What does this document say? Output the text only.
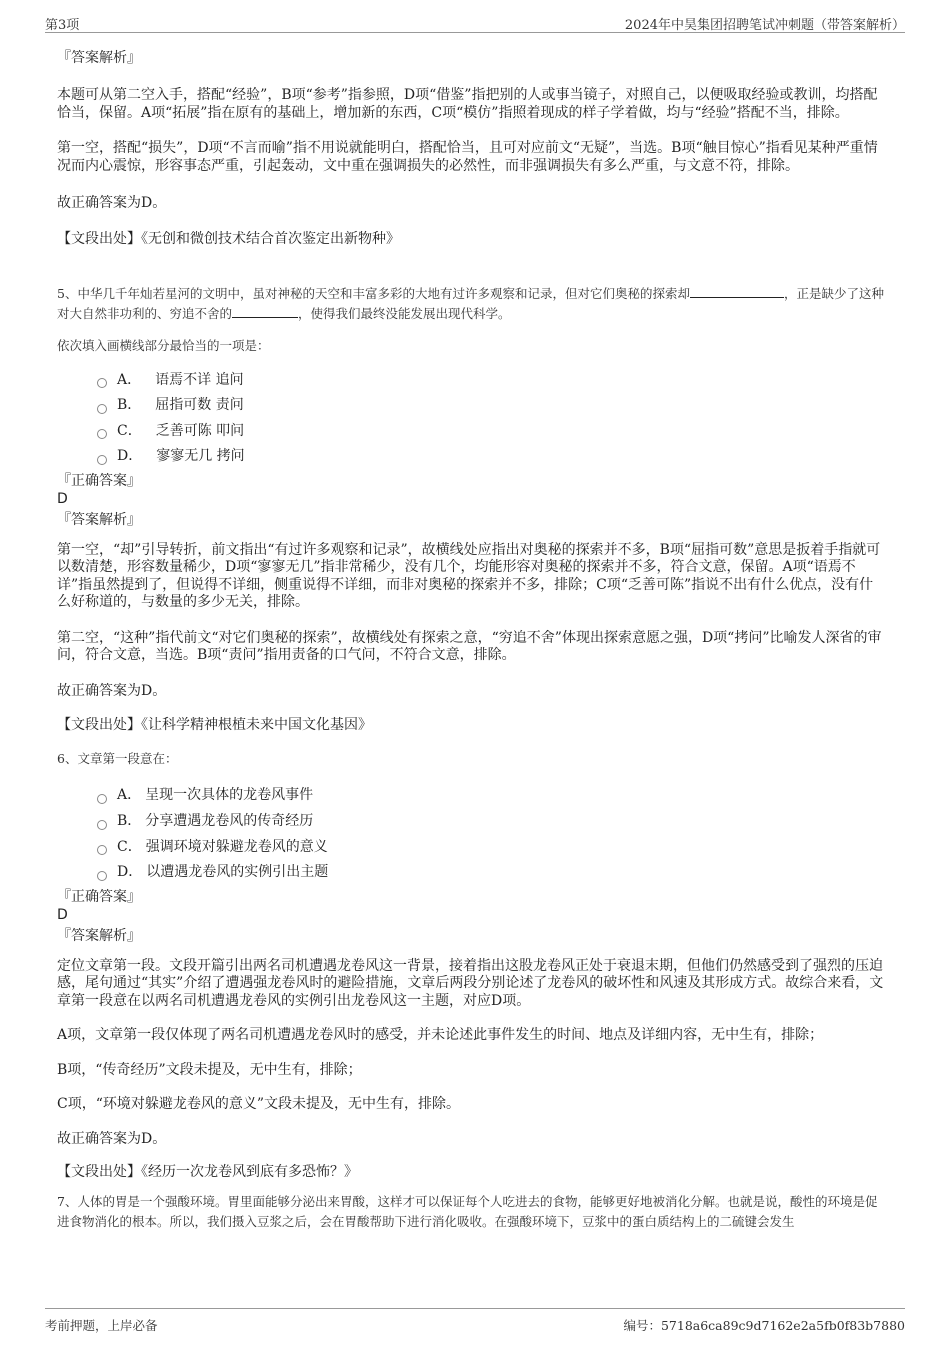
第3项	2024年中昊集团招聘笔试冲刺题（带答案解析）
『答案解析』

本题可从第二空入手，搭配“经验”，B项“参考”指参照，D项“借鉴”指把别的人或事当镜子，对照自己，以便吸取经验或教训，均搭配恰当，保留。A项“拓展”指在原有的基础上，增加新的东西，C项“模仿”指照着现成的样子学着做，均与“经验”搭配不当，排除。

第一空，搭配“损失”，D项“不言而喻”指不用说就能明白，搭配恰当，且可对应前文“无疑”，当选。B项“触目惊心”指看见某种严重情况而内心震惊，形容事态严重，引起轰动，文中重在强调损失的必然性，而非强调损失有多么严重，与文意不符，排除。

故正确答案为D。

【文段出处】《无创和微创技术结合首次鉴定出新物种》

5、中华几千年灿若星河的文明中，虽对神秘的天空和丰富多彩的大地有过许多观察和记录，但对它们奥秘的探索却	，正是缺少了这种对大自然非功利的、穷追不舍的	，使得我们最终没能发展出现代科学。

依次填入画横线部分最恰当的一项是：

A． 语焉不详 追问
B． 屈指可数 责问
C． 乏善可陈 叩问
D． 寥寥无几 拷问
『正确答案』
D
『答案解析』

第一空，“却”引导转折，前文指出“有过许多观察和记录”，故横线处应指出对奥秘的探索并不多，B项“屈指可数”意思是扳着手指就可以数清楚，形容数量稀少，D项“寥寥无几”指非常稀少，没有几个，均能形容对奥秘的探索并不多，符合文意，保留。A项“语焉不详”指虽然提到了，但说得不详细，侧重说得不详细，而非对奥秘的探索并不多，排除；C项“乏善可陈”指说不出有什么优点，没有什么好称道的，与数量的多少无关，排除。

第二空，“这种”指代前文“对它们奥秘的探索”，故横线处有探索之意，“穷追不舍”体现出探索意愿之强，D项“拷问”比喻发人深省的审问，符合文意，当选。B项“责问”指用责备的口气问，不符合文意，排除。

故正确答案为D。

【文段出处】《让科学精神根植未来中国文化基因》

6、文章第一段意在：

A． 呈现一次具体的龙卷风事件
B． 分享遭遇龙卷风的传奇经历
C． 强调环境对躲避龙卷风的意义
D． 以遭遇龙卷风的实例引出主题
『正确答案』
D
『答案解析』

定位文章第一段。文段开篇引出两名司机遭遇龙卷风这一背景，接着指出这股龙卷风正处于衰退末期，但他们仍然感受到了强烈的压迫感，尾句通过“其实”介绍了遭遇强龙卷风时的避险措施，文章后两段分别论述了龙卷风的破坏性和风速及其形成方式。故综合来看，文章第一段意在以两名司机遭遇龙卷风的实例引出龙卷风这一主题，对应D项。

A项，文章第一段仅体现了两名司机遭遇龙卷风时的感受，并未论述此事件发生的时间、地点及详细内容，无中生有，排除；

B项，“传奇经历”文段未提及，无中生有，排除；

C项，“环境对躲避龙卷风的意义”文段未提及，无中生有，排除。

故正确答案为D。

【文段出处】《经历一次龙卷风到底有多恐怖？》

7、人体的胃是一个强酸环境。胃里面能够分泌出来胃酸，这样才可以保证每个人吃进去的食物，能够更好地被消化分解。也就是说，酸性的环境是促进食物消化的根本。所以，我们摄入豆浆之后，会在胃酸帮助下进行消化吸收。在强酸环境下，豆浆中的蛋白质结构上的二硫键会发生

考前押题，上岸必备	编号：5718a6ca89c9d7162e2a5fb0f83b7880
